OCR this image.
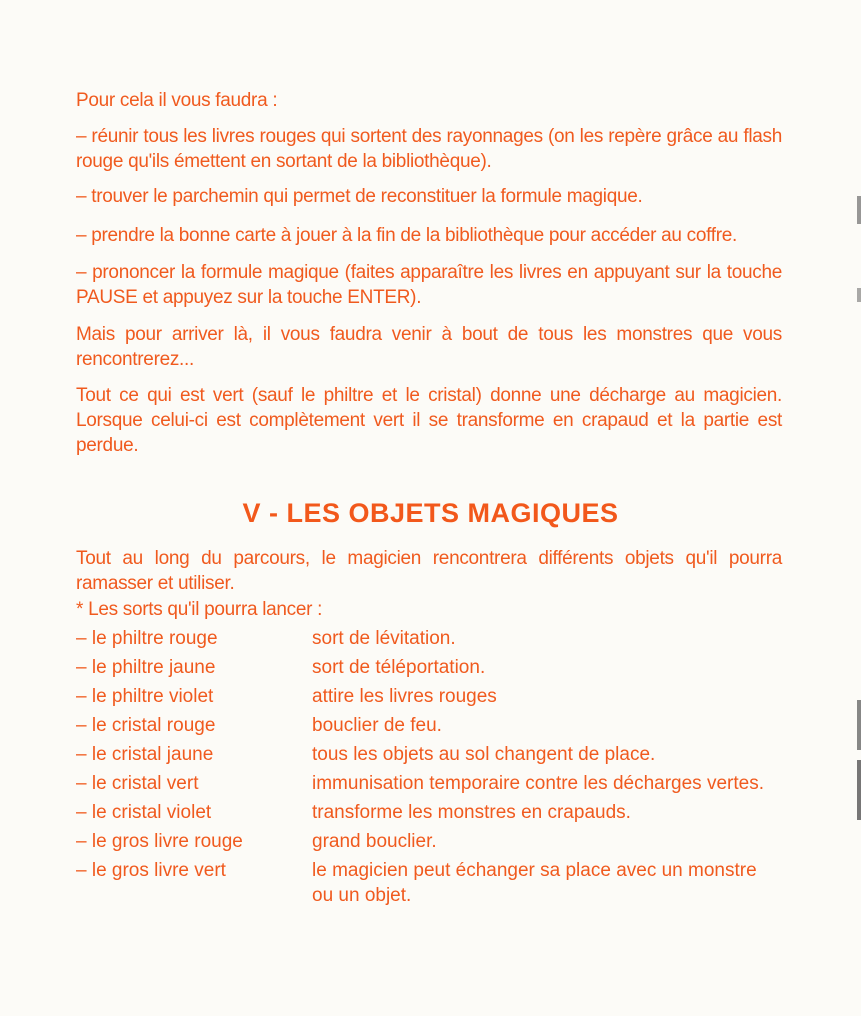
Pour cela il vous faudra :

– réunir tous les livres rouges qui sortent des rayonnages (on les repère grâce au flash rouge qu'ils émettent en sortant de la bibliothèque).

– trouver le parchemin qui permet de reconstituer la formule magique.

– prendre la bonne carte à jouer à la fin de la bibliothèque pour accéder au coffre.

– prononcer la formule magique (faites apparaître les livres en appuyant sur la touche PAUSE et appuyez sur la touche ENTER).

Mais pour arriver là, il vous faudra venir à bout de tous les monstres que vous rencontrerez...

Tout ce qui est vert (sauf le philtre et le cristal) donne une décharge au magicien. Lorsque celui-ci est complètement vert il se transforme en crapaud et la partie est perdue.

V - LES OBJETS MAGIQUES

Tout au long du parcours, le magicien rencontrera différents objets qu'il pourra ramasser et utiliser.

* Les sorts qu'il pourra lancer :

– le philtre rouge	sort de lévitation.
– le philtre jaune	sort de téléportation.
– le philtre violet	attire les livres rouges
– le cristal rouge	bouclier de feu.
– le cristal jaune	tous les objets au sol changent de place.
– le cristal vert	immunisation temporaire contre les décharges vertes.
– le cristal violet	transforme les monstres en crapauds.
– le gros livre rouge	grand bouclier.
– le gros livre vert	le magicien peut échanger sa place avec un monstre ou un objet.
